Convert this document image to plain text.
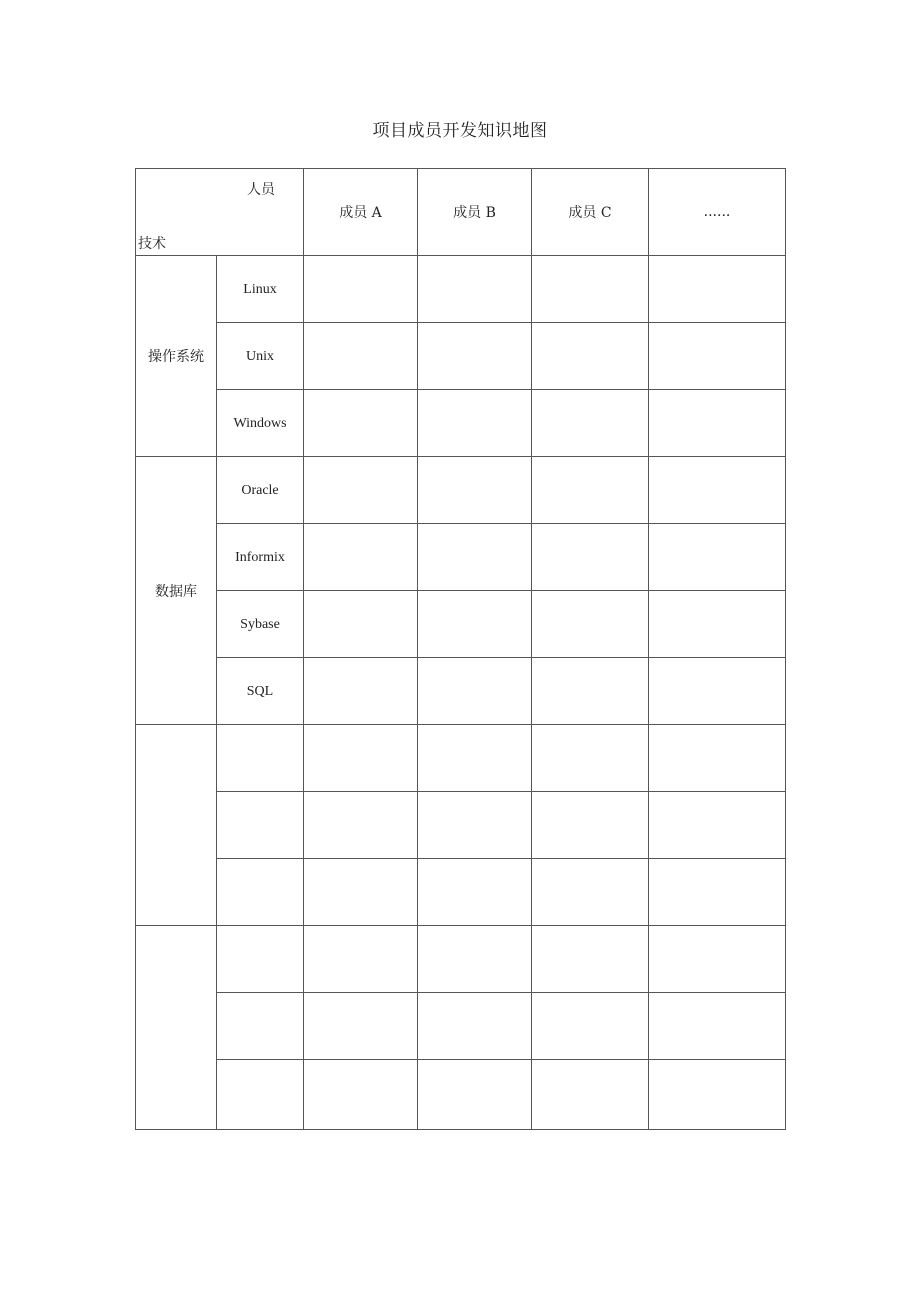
项目成员开发知识地图
人员
技术		成员 A	成员 B	成员 C	......
操作系统	Linux				
	Unix				
	Windows				
数据库	Oracle				
	Informix				
	Sybase				
	SQL				
